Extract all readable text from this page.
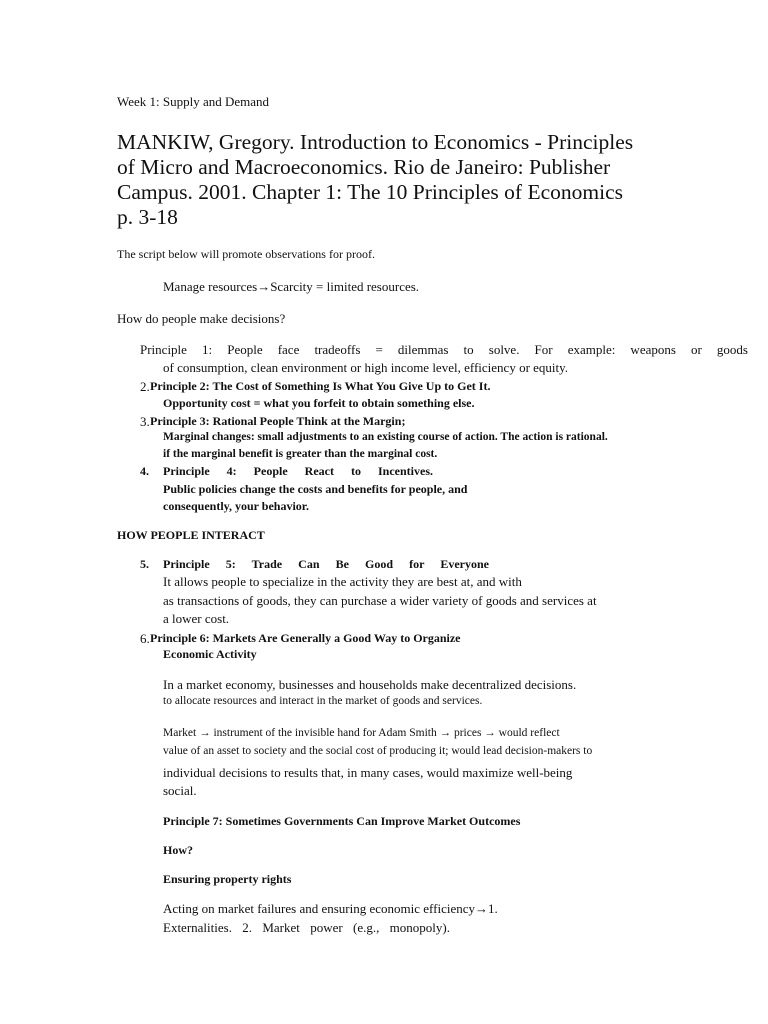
Week 1: Supply and Demand

MANKIW, Gregory. Introduction to Economics - Principles

of Micro and Macroeconomics. Rio de Janeiro: Publisher

Campus. 2001. Chapter 1: The 10 Principles of Economics

p. 3-18

The script below will promote observations for proof.

Manage resources→Scarcity = limited resources.

How do people make decisions?

Principle 1: People face tradeoffs = dilemmas to solve. For example: weapons or goods

of consumption, clean environment or high income level, efficiency or equity.

2. Principle 2: The Cost of Something Is What You Give Up to Get It.

Opportunity cost = what you forfeit to obtain something else.

3. Principle 3: Rational People Think at the Margin;

Marginal changes: small adjustments to an existing course of action. The action is rational.

if the marginal benefit is greater than the marginal cost.

4. Principle 4: People React to Incentives.

Public policies change the costs and benefits for people, and

consequently, your behavior.

HOW PEOPLE INTERACT

5. Principle 5: Trade Can Be Good for Everyone

It allows people to specialize in the activity they are best at, and with

as transactions of goods, they can purchase a wider variety of goods and services at

a lower cost.

6. Principle 6: Markets Are Generally a Good Way to Organize

Economic Activity

In a market economy, businesses and households make decentralized decisions.

to allocate resources and interact in the market of goods and services.

Market → instrument of the invisible hand for Adam Smith → prices → would reflect

value of an asset to society and the social cost of producing it; would lead decision-makers to

individual decisions to results that, in many cases, would maximize well-being

social.

Principle 7: Sometimes Governments Can Improve Market Outcomes

How?

Ensuring property rights

Acting on market failures and ensuring economic efficiency→1.

Externalities. 2. Market power (e.g., monopoly).
